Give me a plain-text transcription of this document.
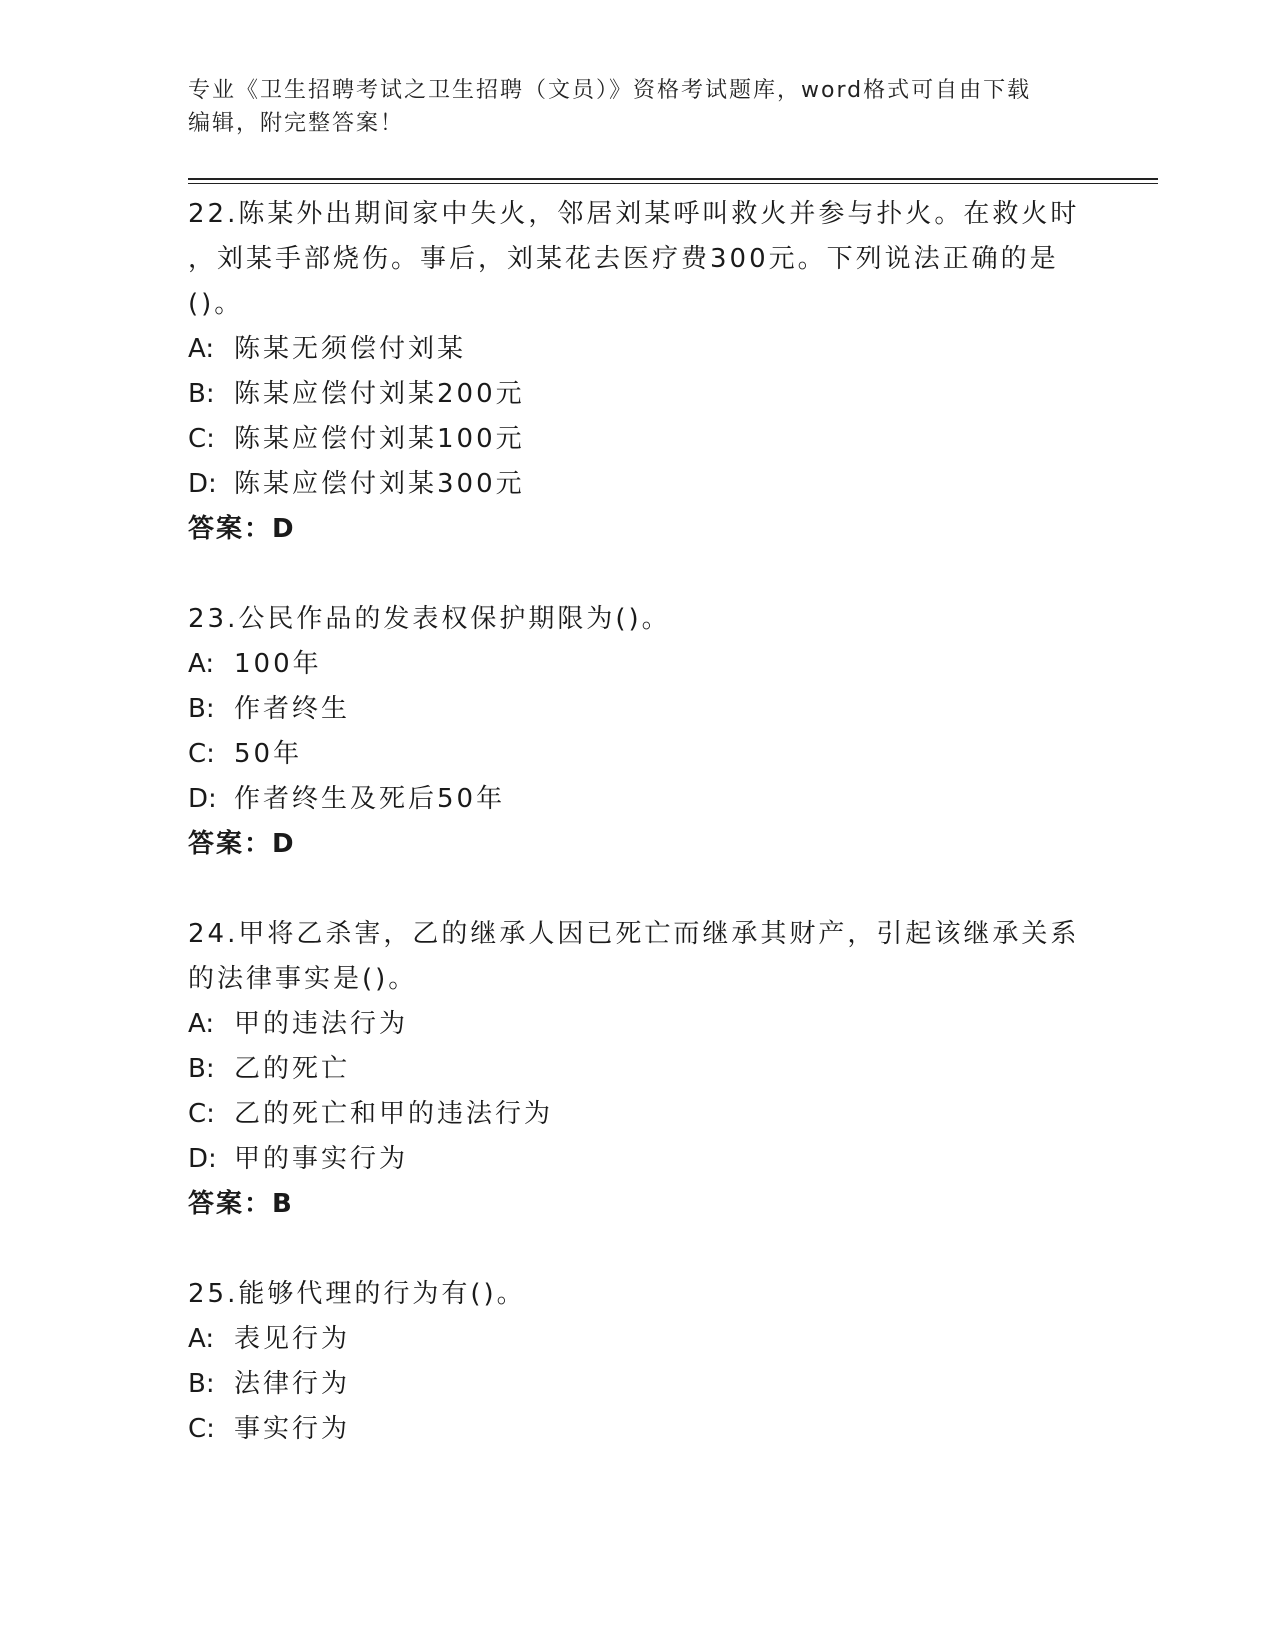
专业《卫生招聘考试之卫生招聘（文员）》资格考试题库，word格式可自由下载
编辑，附完整答案！
22.陈某外出期间家中失火，邻居刘某呼叫救火并参与扑火。在救火时
，刘某手部烧伤。事后，刘某花去医疗费300元。下列说法正确的是
()。
A: 陈某无须偿付刘某
B: 陈某应偿付刘某200元
C: 陈某应偿付刘某100元
D: 陈某应偿付刘某300元
答案：D
23.公民作品的发表权保护期限为()。
A: 100年
B: 作者终生
C: 50年
D: 作者终生及死后50年
答案：D
24.甲将乙杀害，乙的继承人因已死亡而继承其财产，引起该继承关系
的法律事实是()。
A: 甲的违法行为
B: 乙的死亡
C: 乙的死亡和甲的违法行为
D: 甲的事实行为
答案：B
25.能够代理的行为有()。
A: 表见行为
B: 法律行为
C: 事实行为
